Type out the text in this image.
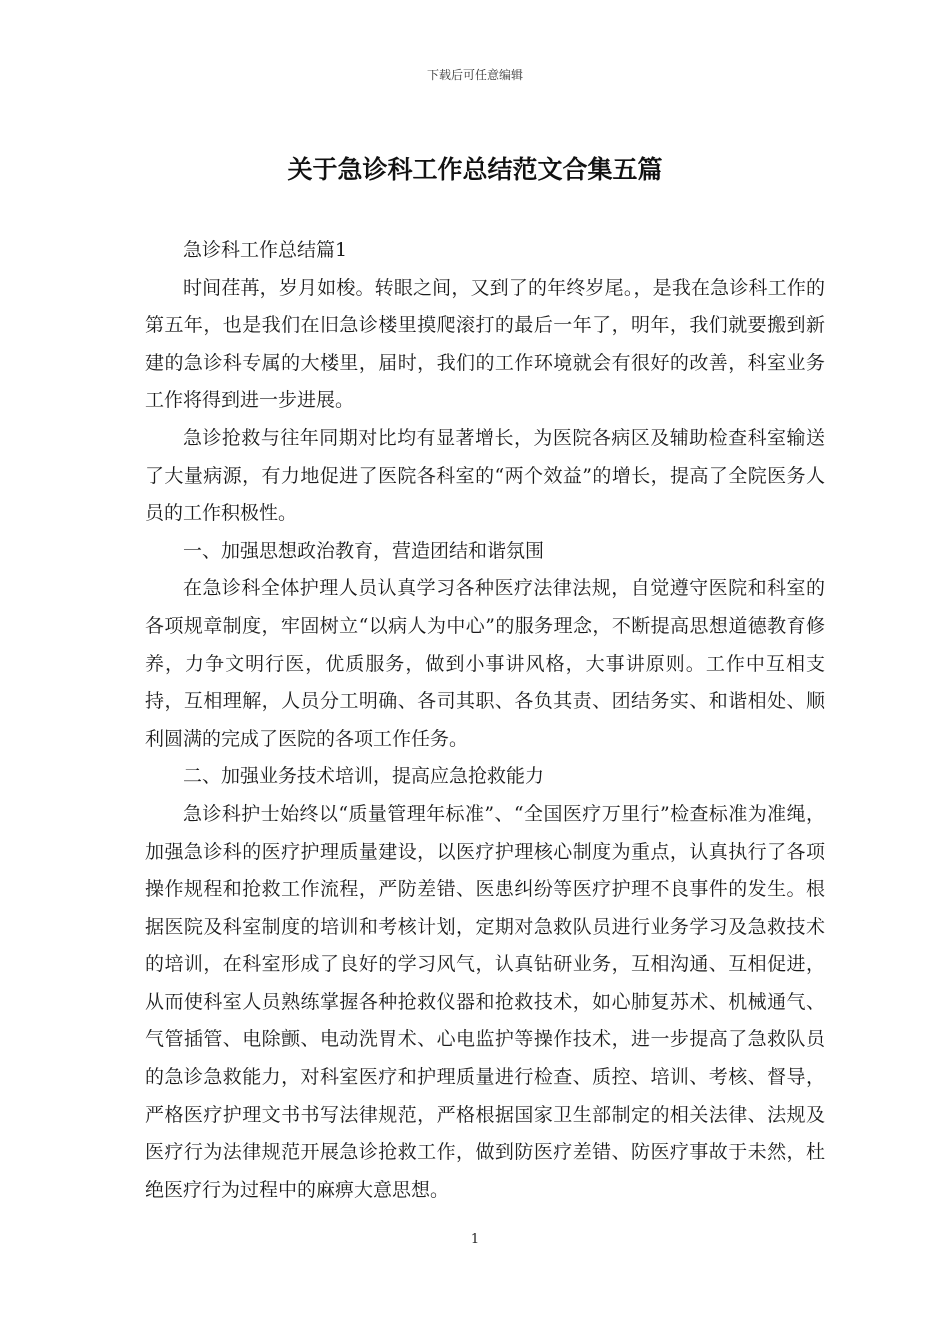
下载后可任意编辑
关于急诊科工作总结范文合集五篇

急诊科工作总结篇1

时间荏苒，岁月如梭。转眼之间，又到了的年终岁尾。，是我在急诊科工作的第五年，也是我们在旧急诊楼里摸爬滚打的最后一年了，明年，我们就要搬到新建的急诊科专属的大楼里，届时，我们的工作环境就会有很好的改善，科室业务工作将得到进一步进展。

急诊抢救与往年同期对比均有显著增长，为医院各病区及辅助检查科室输送了大量病源，有力地促进了医院各科室的“两个效益”的增长，提高了全院医务人员的工作积极性。

一、加强思想政治教育，营造团结和谐氛围

在急诊科全体护理人员认真学习各种医疗法律法规，自觉遵守医院和科室的各项规章制度，牢固树立“以病人为中心”的服务理念，不断提高思想道德教育修养，力争文明行医，优质服务，做到小事讲风格，大事讲原则。工作中互相支持，互相理解，人员分工明确、各司其职、各负其责、团结务实、和谐相处、顺利圆满的完成了医院的各项工作任务。

二、加强业务技术培训，提高应急抢救能力

急诊科护士始终以“质量管理年标准”、“全国医疗万里行”检查标准为准绳，加强急诊科的医疗护理质量建设，以医疗护理核心制度为重点，认真执行了各项操作规程和抢救工作流程，严防差错、医患纠纷等医疗护理不良事件的发生。根据医院及科室制度的培训和考核计划，定期对急救队员进行业务学习及急救技术的培训，在科室形成了良好的学习风气，认真钻研业务，互相沟通、互相促进，从而使科室人员熟练掌握各种抢救仪器和抢救技术，如心肺复苏术、机械通气、气管插管、电除颤、电动洗胃术、心电监护等操作技术，进一步提高了急救队员的急诊急救能力，对科室医疗和护理质量进行检查、质控、培训、考核、督导，严格医疗护理文书书写法律规范，严格根据国家卫生部制定的相关法律、法规及医疗行为法律规范开展急诊抢救工作，做到防医疗差错、防医疗事故于未然，杜绝医疗行为过程中的麻痹大意思想。

1
